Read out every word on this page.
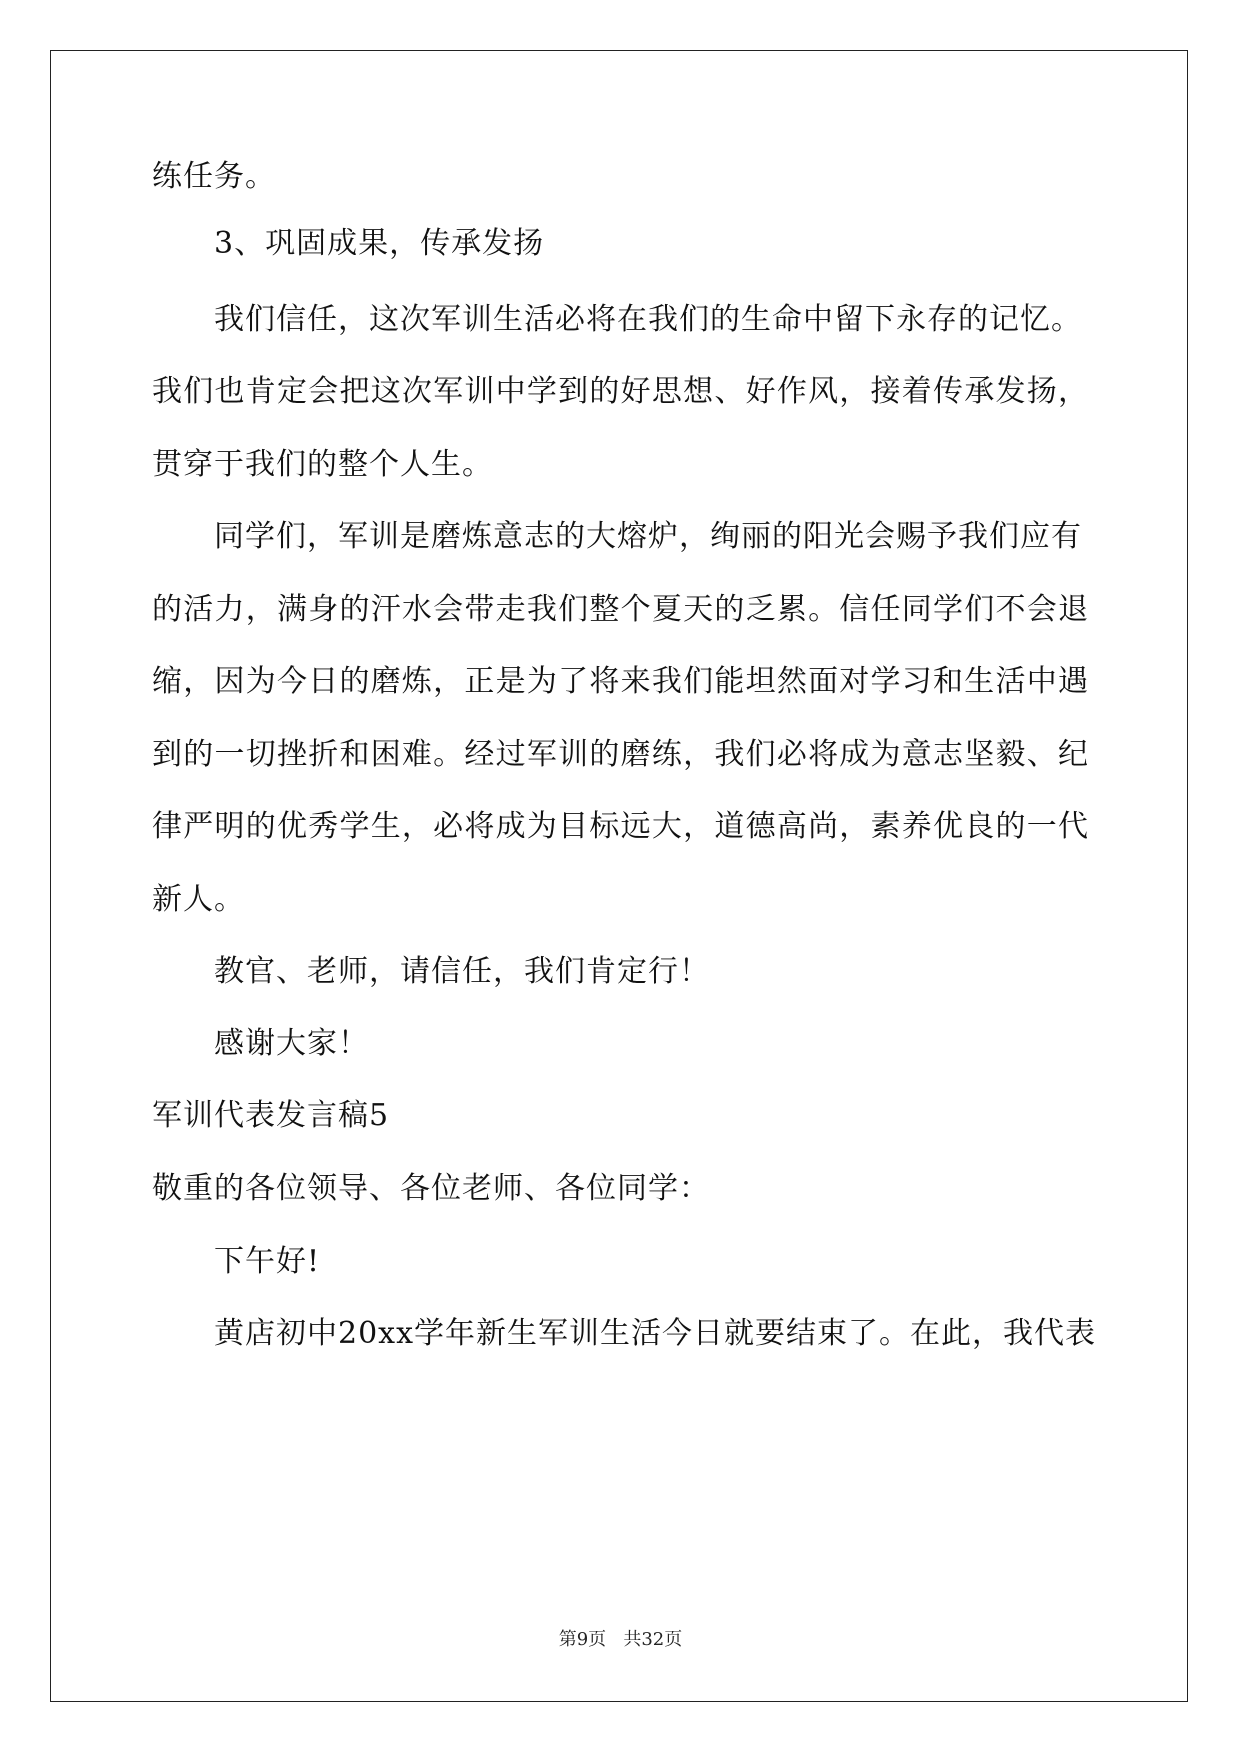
练任务。
3、巩固成果，传承发扬
我们信任，这次军训生活必将在我们的生命中留下永存的记忆。
我们也肯定会把这次军训中学到的好思想、好作风，接着传承发扬，
贯穿于我们的整个人生。
同学们，军训是磨炼意志的大熔炉，绚丽的阳光会赐予我们应有
的活力，满身的汗水会带走我们整个夏天的乏累。信任同学们不会退
缩，因为今日的磨炼，正是为了将来我们能坦然面对学习和生活中遇
到的一切挫折和困难。经过军训的磨练，我们必将成为意志坚毅、纪
律严明的优秀学生，必将成为目标远大，道德高尚，素养优良的一代
新人。
教官、老师，请信任，我们肯定行！
感谢大家！
军训代表发言稿5
敬重的各位领导、各位老师、各位同学：
下午好!
黄店初中20xx学年新生军训生活今日就要结束了。在此，我代表
第9页 共32页
